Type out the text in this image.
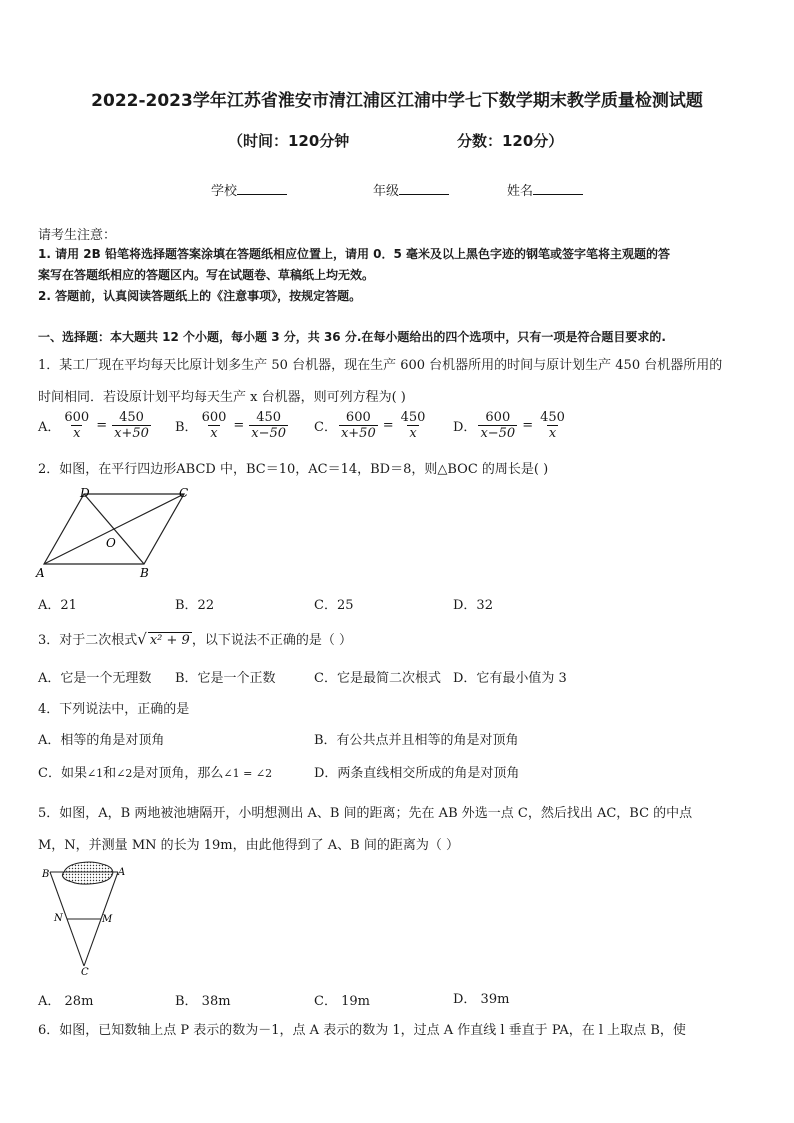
2022-2023学年江苏省淮安市清江浦区江浦中学七下数学期末教学质量检测试题
（时间：120分钟	分数：120分）
学校	年级	姓名
请考生注意：
1. 请用 2B 铅笔将选择题答案涂填在答题纸相应位置上，请用 0．5 毫米及以上黑色字迹的钢笔或签字笔将主观题的答
案写在答题纸相应的答题区内。写在试题卷、草稿纸上均无效。
2. 答题前，认真阅读答题纸上的《注意事项》，按规定答题。
一、选择题：本大题共 12 个小题，每小题 3 分，共 36 分.在每小题给出的四个选项中，只有一项是符合题目要求的.
1．某工厂现在平均每天比原计划多生产 50 台机器，现在生产 600 台机器所用的时间与原计划生产 450 台机器所用的
时间相同．若设原计划平均每天生产 x 台机器，则可列方程为( )
A． $\frac{600}{x} = \frac{450}{x+50}$ B． $\frac{600}{x} = \frac{450}{x-50}$ C． $\frac{600}{x+50} = \frac{450}{x}$ D． $\frac{600}{x-50} = \frac{450}{x}$
2．如图，在平行四边形ABCD 中，BC＝10，AC＝14，BD＝8，则△BOC 的周长是( )
A	B
C
D
O
A．21	B．22	C．25	D．32
3．对于二次根式√ x² + 9 ，以下说法不正确的是（ ）
A．它是一个无理数 B．它是一个正数	C．它是最简二次根式 D．它有最小值为 3
4．下列说法中，正确的是
A．相等的角是对顶角	B．有公共点并且相等的角是对顶角
C．如果∠1和∠2是对顶角，那么∠1 = ∠2	D．两条直线相交所成的角是对顶角
5．如图，A，B 两地被池塘隔开，小明想测出 A、B 间的距离；先在 AB 外选一点 C，然后找出 AC，BC 的中点
M，N，并测量 MN 的长为 19m，由此他得到了 A、B 间的距离为（ ）
B	A
N	M
C
A． 28m	B． 38m	C． 19m	D． 39m
6．如图，已知数轴上点 P 表示的数为－1，点 A 表示的数为 1，过点 A 作直线 l 垂直于 PA，在 l 上取点 B，使
